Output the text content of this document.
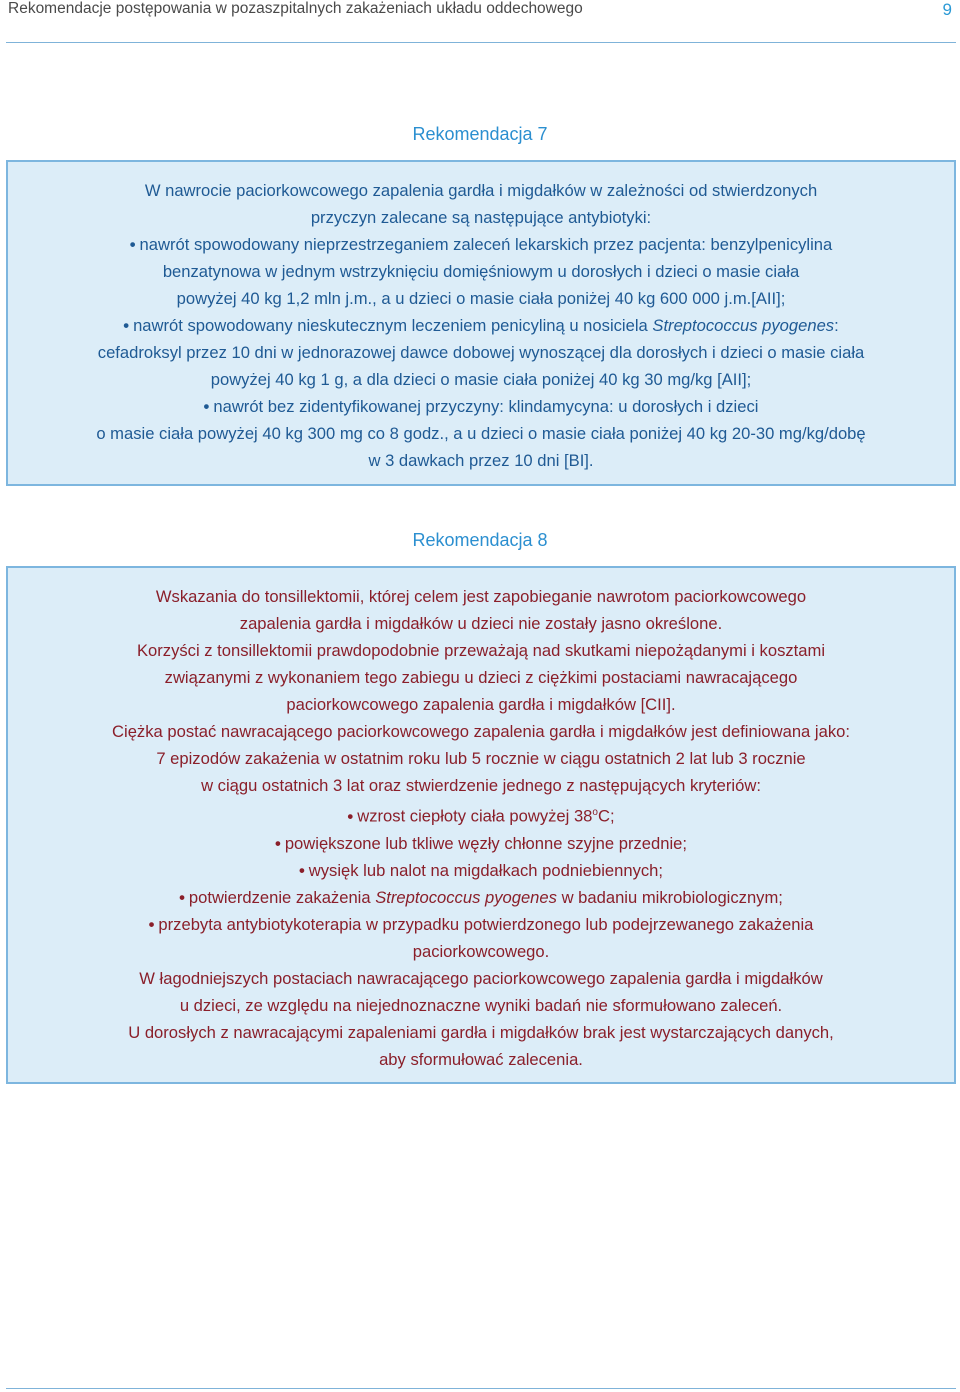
Rekomendacje postępowania w pozaszpitalnych zakażeniach układu oddechowego	9
Rekomendacja 7
W nawrocie paciorkowcowego zapalenia gardła i migdałków w zależności od stwierdzonych
przyczyn zalecane są następujące antybiotyki:
• nawrót spowodowany nieprzestrzeganiem zaleceń lekarskich przez pacjenta: benzylpenicylina
benzatynowa w jednym wstrzyknięciu domięśniowym u dorosłych i dzieci o masie ciała
powyżej 40 kg 1,2 mln j.m., a u dzieci o masie ciała poniżej 40 kg 600 000 j.m.[AII];
• nawrót spowodowany nieskutecznym leczeniem penicyliną u nosiciela Streptococcus pyogenes:
cefadroksyl przez 10 dni w jednorazowej dawce dobowej wynoszącej dla dorosłych i dzieci o masie ciała
powyżej 40 kg 1 g, a dla dzieci o masie ciała poniżej 40 kg 30 mg/kg [AII];
• nawrót bez zidentyfikowanej przyczyny: klindamycyna: u dorosłych i dzieci
o masie ciała powyżej 40 kg 300 mg co 8 godz., a u dzieci o masie ciała poniżej 40 kg 20-30 mg/kg/dobę
w 3 dawkach przez 10 dni [BI].
Rekomendacja 8
Wskazania do tonsillektomii, której celem jest zapobieganie nawrotom paciorkowcowego
zapalenia gardła i migdałków u dzieci nie zostały jasno określone.
Korzyści z tonsillektomii prawdopodobnie przeważają nad skutkami niepożądanymi i kosztami
związanymi z wykonaniem tego zabiegu u dzieci z ciężkimi postaciami nawracającego
paciorkowcowego zapalenia gardła i migdałków [CII].
Ciężka postać nawracającego paciorkowcowego zapalenia gardła i migdałków jest definiowana jako:
7 epizodów zakażenia w ostatnim roku lub 5 rocznie w ciągu ostatnich 2 lat lub 3 rocznie
w ciągu ostatnich 3 lat oraz stwierdzenie jednego z następujących kryteriów:
• wzrost ciepłoty ciała powyżej 38$^o$C;
• powiększone lub tkliwe węzły chłonne szyjne przednie;
• wysięk lub nalot na migdałkach podniebiennych;
• potwierdzenie zakażenia Streptococcus pyogenes w badaniu mikrobiologicznym;
• przebyta antybiotykoterapia w przypadku potwierdzonego lub podejrzewanego zakażenia
paciorkowcowego.
W łagodniejszych postaciach nawracającego paciorkowcowego zapalenia gardła i migdałków
u dzieci, ze względu na niejednoznaczne wyniki badań nie sformułowano zaleceń.
U dorosłych z nawracającymi zapaleniami gardła i migdałków brak jest wystarczających danych,
aby sformułować zalecenia.
